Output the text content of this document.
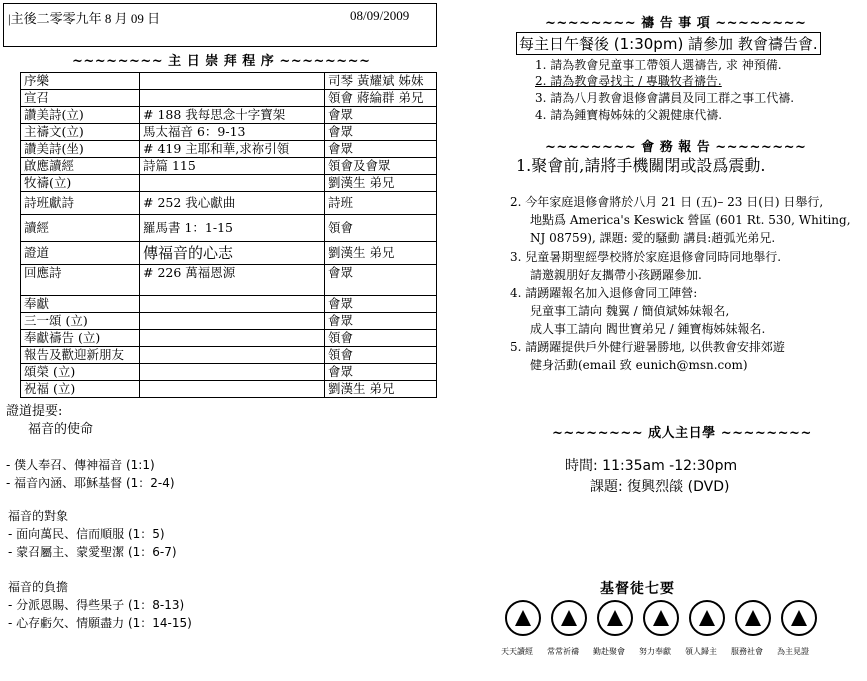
|主後二零零九年 8 月 09 日	08/09/2009
~~~~~~~~ 主 日 崇 拜 程 序 ~~~~~~~~
序樂		司琴 黃耀斌 姊妹
宣召		領會 蔣綸群 弟兄
讚美詩(立)	# 188 我每思念十字寶架	會眾
主禱文(立)	馬太福音 6：9-13	會眾
讚美詩(坐)	# 419 主耶和華,求祢引領	會眾
啟應讀經	詩篇 115	領會及會眾
牧禱(立)		劉漢生 弟兄
詩班獻詩	# 252 我心獻曲	詩班
讀經	羅馬書 1：1-15	領會
證道	傳福音的心志	劉漢生 弟兄
回應詩	# 226 萬福恩源	會眾
奉獻		會眾
三一頌 (立)		會眾
奉獻禱告 (立)		領會
報告及歡迎新朋友		領會
頌榮 (立)		會眾
祝福 (立)		劉漢生 弟兄
證道提要:
福音的使命
- 僕人奉召、傳神福音 (1:1)
- 福音內涵、耶穌基督 (1：2-4)
福音的對象
- 面向萬民、信而順服 (1：5)
- 蒙召屬主、蒙愛聖潔 (1：6-7)
福音的負擔
- 分派恩賜、得些果子 (1：8-13)
- 心存虧欠、情願盡力 (1：14-15)
~~~~~~~~ 禱 告 事 項 ~~~~~~~~
每主日午餐後 (1:30pm) 請參加 教會禱告會.
1. 請為教會兒童事工帶領人選禱告, 求 神預備.
2. 請為教會尋找主 / 專職牧者禱告.
3. 請為八月教會退修會講員及同工群之事工代禱.
4. 請為鍾寶梅姊妹的父親健康代禱.
~~~~~~~~ 會 務 報 告 ~~~~~~~~
1.聚會前,請將手機關閉或設爲震動.
2. 今年家庭退修會將於八月 21 日 (五)– 23 日(日) 日舉行,
地點爲 America's Keswick 營區 (601 Rt. 530, Whiting,
NJ 08759), 課題: 愛的騷動 講員:趙弧光弟兄.
3. 兒童暑期聖經學校將於家庭退修會同時同地舉行.
請邀親朋好友攜帶小孩踴躍參加.
4. 請踴躍報名加入退修會同工陣營:
兒童事工請向 魏翼 / 簡偵斌姊妹報名,
成人事工請向 閻世寶弟兄 / 鍾寶梅姊妹報名.
5. 請踴躍提供戶外健行避暑勝地, 以供教會安排郊遊
健身活動(email 致 eunich@msn.com)
~~~~~~~~ 成人主日學 ~~~~~~~~
時間: 11:35am -12:30pm
課題: 復興烈燄 (DVD)
基督徒七要
天天讀經 常常祈禱 勤赴聚會 努力奉獻 領人歸主 服務社會 為主見證
